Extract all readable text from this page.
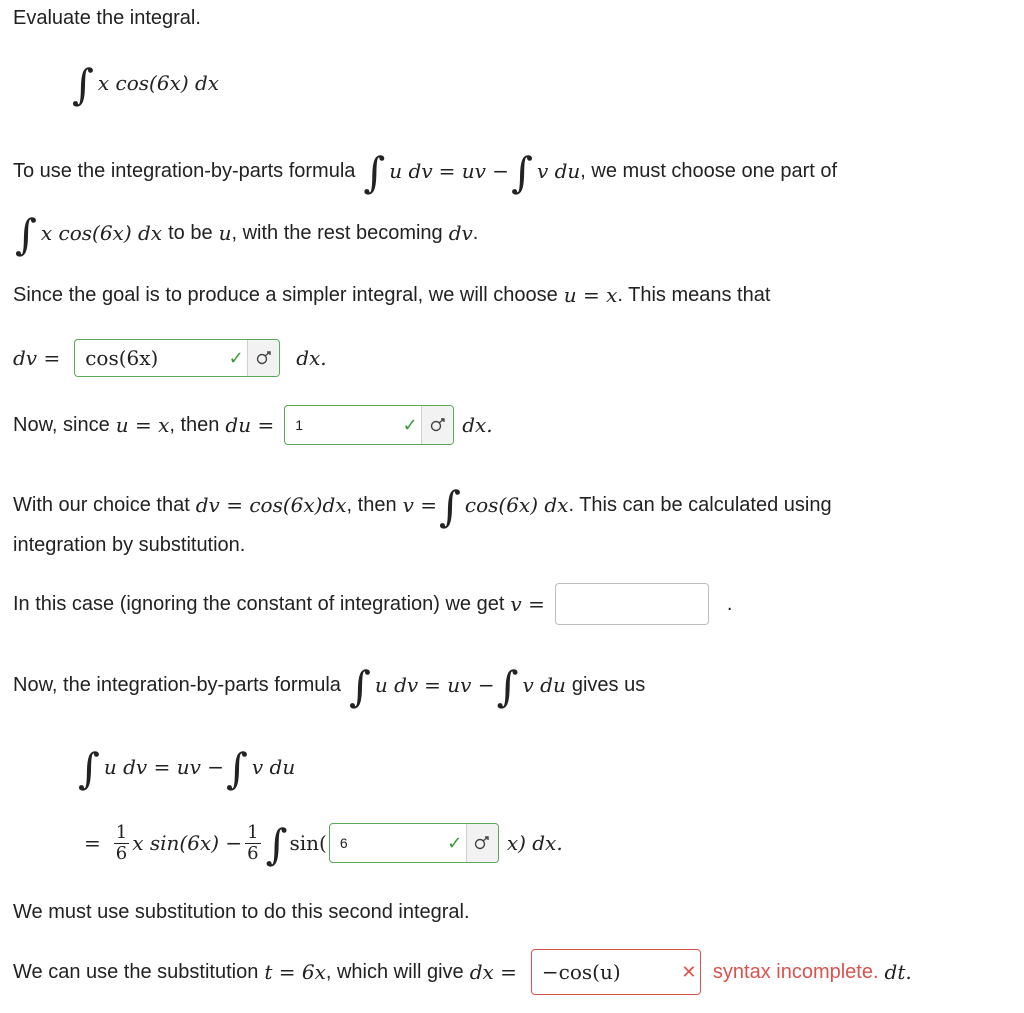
Evaluate the integral.
∫ x cos(6x) dx
To use the integration-by-parts formula ∫ u dv = uv − ∫ v du , we must choose one part of
∫ x cos(6x) dx to be u , with the rest becoming dv .
Since the goal is to produce a simpler integral, we will choose u = x . This means that
dv =	cos(6x)	✓	dx.
Now, since u = x , then du =	1	✓ dx.
With our choice that dv = cos(6x)dx , then v = ∫ cos(6x) dx . This can be calculated using
integration by substitution.
In this case (ignoring the constant of integration) we get v =	.
Now, the integration-by-parts formula ∫ u dv = uv − ∫ v du gives us
∫ u dv = uv − ∫ v du
= $\frac{1}{6}$ x $\sin(6x) - \frac{1}{6}$ ∫ sin( 6	✓ x) dx.
We must use substitution to do this second integral.
We can use the substitution t = 6x , which will give dx =	−cos(u)	✕ syntax incomplete. dt.
